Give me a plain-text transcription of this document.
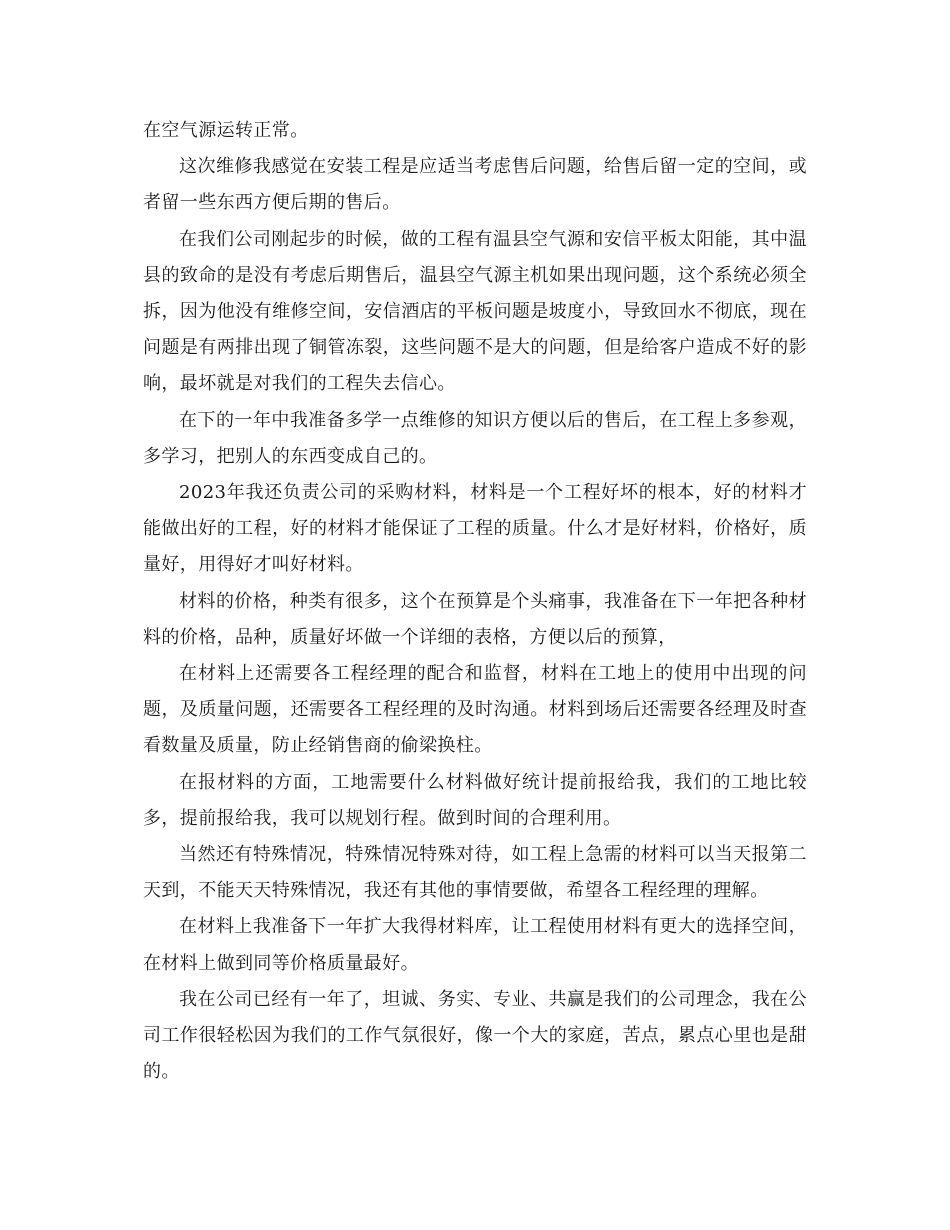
在空气源运转正常。

这次维修我感觉在安装工程是应适当考虑售后问题，给售后留一定的空间，或者留一些东西方便后期的售后。

在我们公司刚起步的时候，做的工程有温县空气源和安信平板太阳能，其中温县的致命的是没有考虑后期售后，温县空气源主机如果出现问题，这个系统必须全拆，因为他没有维修空间，安信酒店的平板问题是坡度小，导致回水不彻底，现在问题是有两排出现了铜管冻裂，这些问题不是大的问题，但是给客户造成不好的影响，最坏就是对我们的工程失去信心。

在下的一年中我准备多学一点维修的知识方便以后的售后，在工程上多参观，多学习，把别人的东西变成自己的。

2023年我还负责公司的采购材料，材料是一个工程好坏的根本，好的材料才能做出好的工程，好的材料才能保证了工程的质量。什么才是好材料，价格好，质量好，用得好才叫好材料。

材料的价格，种类有很多，这个在预算是个头痛事，我准备在下一年把各种材料的价格，品种，质量好坏做一个详细的表格，方便以后的预算，

在材料上还需要各工程经理的配合和监督，材料在工地上的使用中出现的问题，及质量问题，还需要各工程经理的及时沟通。材料到场后还需要各经理及时查看数量及质量，防止经销售商的偷梁换柱。

在报材料的方面，工地需要什么材料做好统计提前报给我，我们的工地比较多，提前报给我，我可以规划行程。做到时间的合理利用。

当然还有特殊情况，特殊情况特殊对待，如工程上急需的材料可以当天报第二天到，不能天天特殊情况，我还有其他的事情要做，希望各工程经理的理解。

在材料上我准备下一年扩大我得材料库，让工程使用材料有更大的选择空间，在材料上做到同等价格质量最好。

我在公司已经有一年了，坦诚、务实、专业、共赢是我们的公司理念，我在公司工作很轻松因为我们的工作气氛很好，像一个大的家庭，苦点，累点心里也是甜的。
